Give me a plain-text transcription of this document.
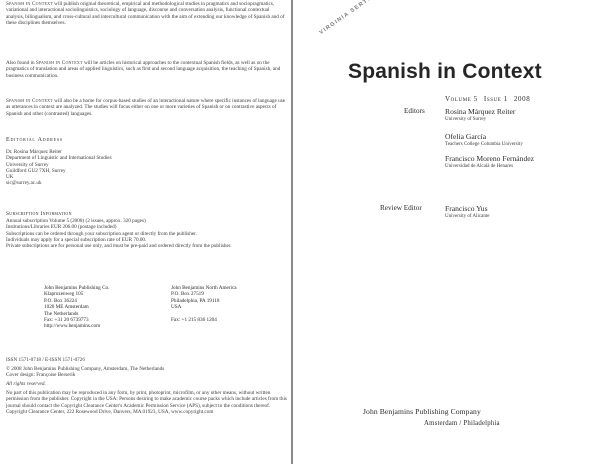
Spanish in Context will publish original theoretical, empirical and methodological studies in pragmatics and sociopragmatics, variational and interactional sociolinguistics, sociology of language, discourse and conversation analysis, functional contextual analysis, bilingualism, and cross-cultural and intercultural communication with the aim of extending our knowledge of Spanish and of these disciplines themselves.

Also found in Spanish in Context will be articles on historical approaches to the contextual Spanish fields, as well as on the pragmatics of translation and areas of applied linguistics, such as first and second language acquisition, the teaching of Spanish, and business communication.

Spanish in Context will also be a home for corpus-based studies of an interactional nature where specific instances of language use as utterances in context are analyzed. The studies will focus either on one or more varieties of Spanish or on contrastive aspects of Spanish and other (contrasted) languages.

Editorial Address
Dr. Rosina Márquez Reiter
Department of Linguistic and International Studies
University of Surrey
Guildford GU2 7XH, Surrey
UK
sic@surrey.ac.uk
Subscription Information
Annual subscription Volume 5 (2008) (2 issues, approx. 320 pages)
Institutions/Libraries EUR 206.00 (postage included)
Subscriptions can be ordered through your subscription agent or directly from the publisher.
Individuals may apply for a special subscription rate of EUR 70.00.
Private subscriptions are for personal use only, and must be pre-paid and ordered directly from the publisher.
John Benjamins Publishing Co.
Klaprozenweg 105
P.O. Box 36224
1020 ME Amsterdam
The Netherlands
Fax: +31 20 6739773
http://www.benjamins.com
John Benjamins North America
P.O. Box 27519
Philadelphia, PA 19118
USA

Fax: +1 215 836 1204
ISSN 1571-0718 / E-ISSN 1571-0726
© 2008 John Benjamins Publishing Company, Amsterdam, The Netherlands
Cover design: Françoise Berserik
All rights reserved.
No part of this publication may be reproduced in any form, by print, photoprint, microfilm, or any other means, without written permission from the publisher. Copyright in the USA: Persons desiring to make academic course packs which include articles from this journal should contact the Copyright Clearance Center's Academic Permission Service (APS), subject to the conditions thereof. Copyright Clearance Center, 222 Rosewood Drive, Danvers, MA 01923, USA, www.copyright.com
Spanish in Context
Volume 5 Issue 1 2008
Editors	Rosina Márquez Reiter
University of Surrey
Ofelia García
Teachers College Columbia University
Francisco Moreno Fernández
Universidad de Alcalá de Henares
Review Editor	Francisco Yus
University of Alicante
John Benjamins Publishing Company
Amsterdam / Philadelphia
